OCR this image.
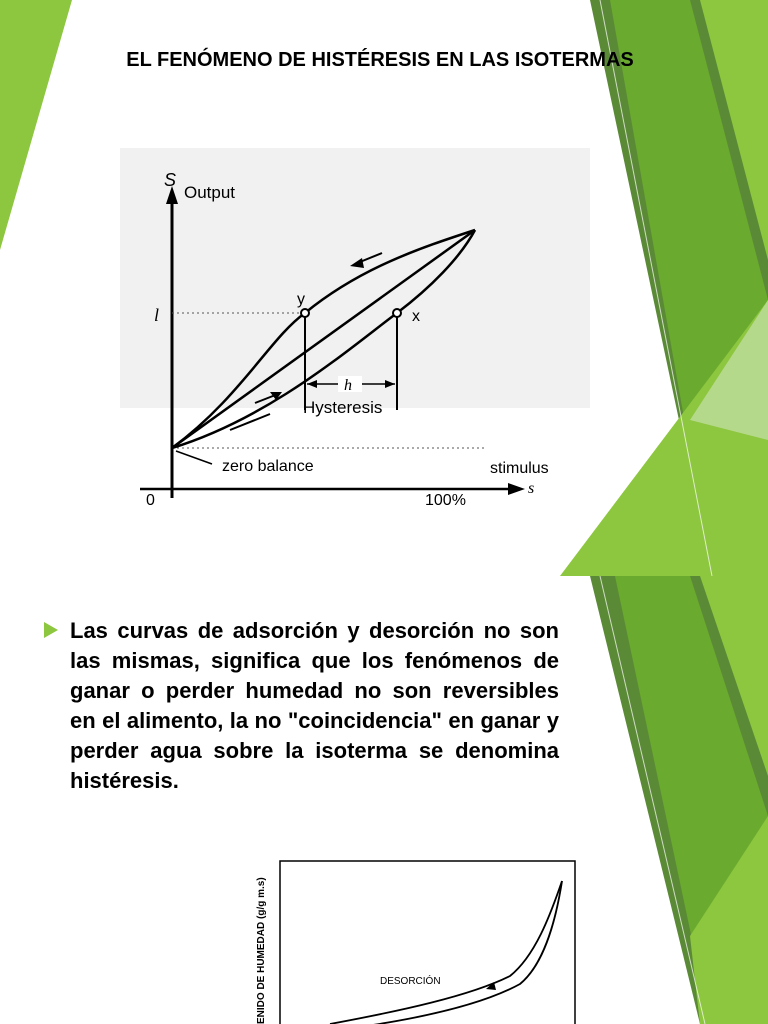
EL FENÓMENO DE HISTÉRESIS EN LAS ISOTERMAS
S
Output
l
y
x
h
Hysteresis
zero balance	stimulus
s
0	100%
Las curvas de adsorción y desorción no son las mismas, significa que los fenómenos de ganar o perder humedad no son reversibles en el alimento, la no "coincidencia" en ganar y perder agua sobre la isoterma se denomina histéresis.
DESORCIÓN
ENIDO DE HUMEDAD (g/g m.s)
